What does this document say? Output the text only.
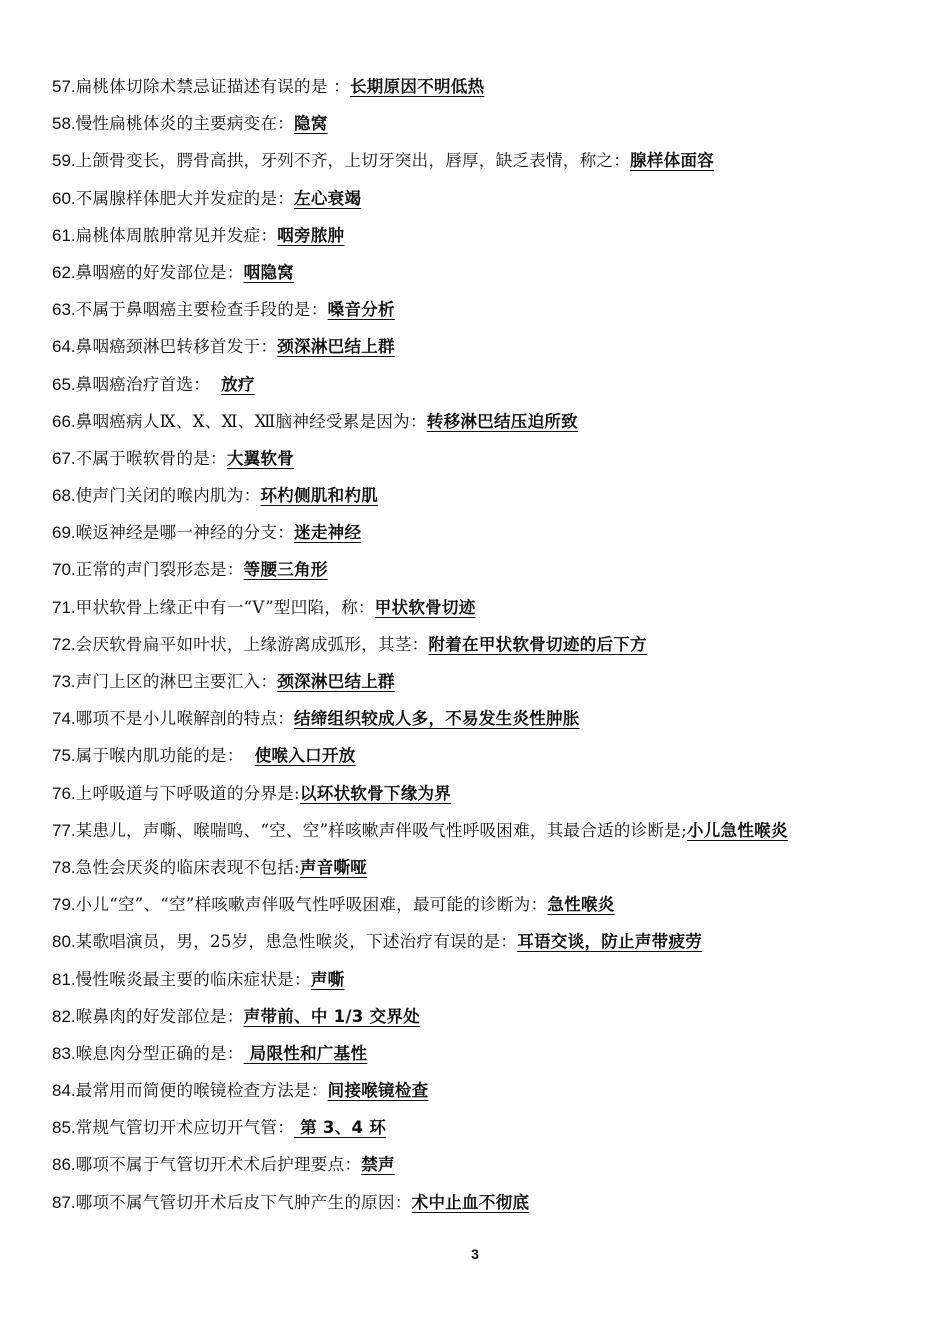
57.扁桃体切除术禁忌证描述有误的是 ：长期原因不明低热
58.慢性扁桃体炎的主要病变在：隐窝
59.上颌骨变长，腭骨高拱，牙列不齐，上切牙突出，唇厚，缺乏表情，称之：腺样体面容
60.不属腺样体肥大并发症的是：左心衰竭
61.扁桃体周脓肿常见并发症：咽旁脓肿
62.鼻咽癌的好发部位是：咽隐窝
63.不属于鼻咽癌主要检查手段的是：嗓音分析
64.鼻咽癌颈淋巴转移首发于：颈深淋巴结上群
65.鼻咽癌治疗首选：  放疗
66.鼻咽癌病人Ⅸ、Ⅹ、Ⅺ、Ⅻ脑神经受累是因为：转移淋巴结压迫所致
67.不属于喉软骨的是：大翼软骨
68.使声门关闭的喉内肌为：环杓侧肌和杓肌
69.喉返神经是哪一神经的分支：迷走神经
70.正常的声门裂形态是：等腰三角形
71.甲状软骨上缘正中有一“V”型凹陷，称：甲状软骨切迹
72.会厌软骨扁平如叶状，上缘游离成弧形，其茎：附着在甲状软骨切迹的后下方
73.声门上区的淋巴主要汇入：颈深淋巴结上群
74.哪项不是小儿喉解剖的特点：结缔组织较成人多，不易发生炎性肿胀
75.属于喉内肌功能的是：  使喉入口开放
76.上呼吸道与下呼吸道的分界是:以环状软骨下缘为界
77.某患儿，声嘶、喉喘鸣、“空、空”样咳嗽声伴吸气性呼吸困难，其最合适的诊断是;小儿急性喉炎
78.急性会厌炎的临床表现不包括:声音嘶哑
79.小儿“空”、“空”样咳嗽声伴吸气性呼吸困难，最可能的诊断为：急性喉炎
80.某歌唱演员，男，25岁，患急性喉炎，下述治疗有误的是：耳语交谈，防止声带疲劳
81.慢性喉炎最主要的临床症状是：声嘶
82.喉鼻肉的好发部位是：声带前、中 1/3 交界处
83.喉息肉分型正确的是： 局限性和广基性
84.最常用而简便的喉镜检查方法是：间接喉镜检查
85.常规气管切开术应切开气管： 第 3、4 环
86.哪项不属于气管切开术术后护理要点：禁声
87.哪项不属气管切开术后皮下气肿产生的原因：术中止血不彻底
3
